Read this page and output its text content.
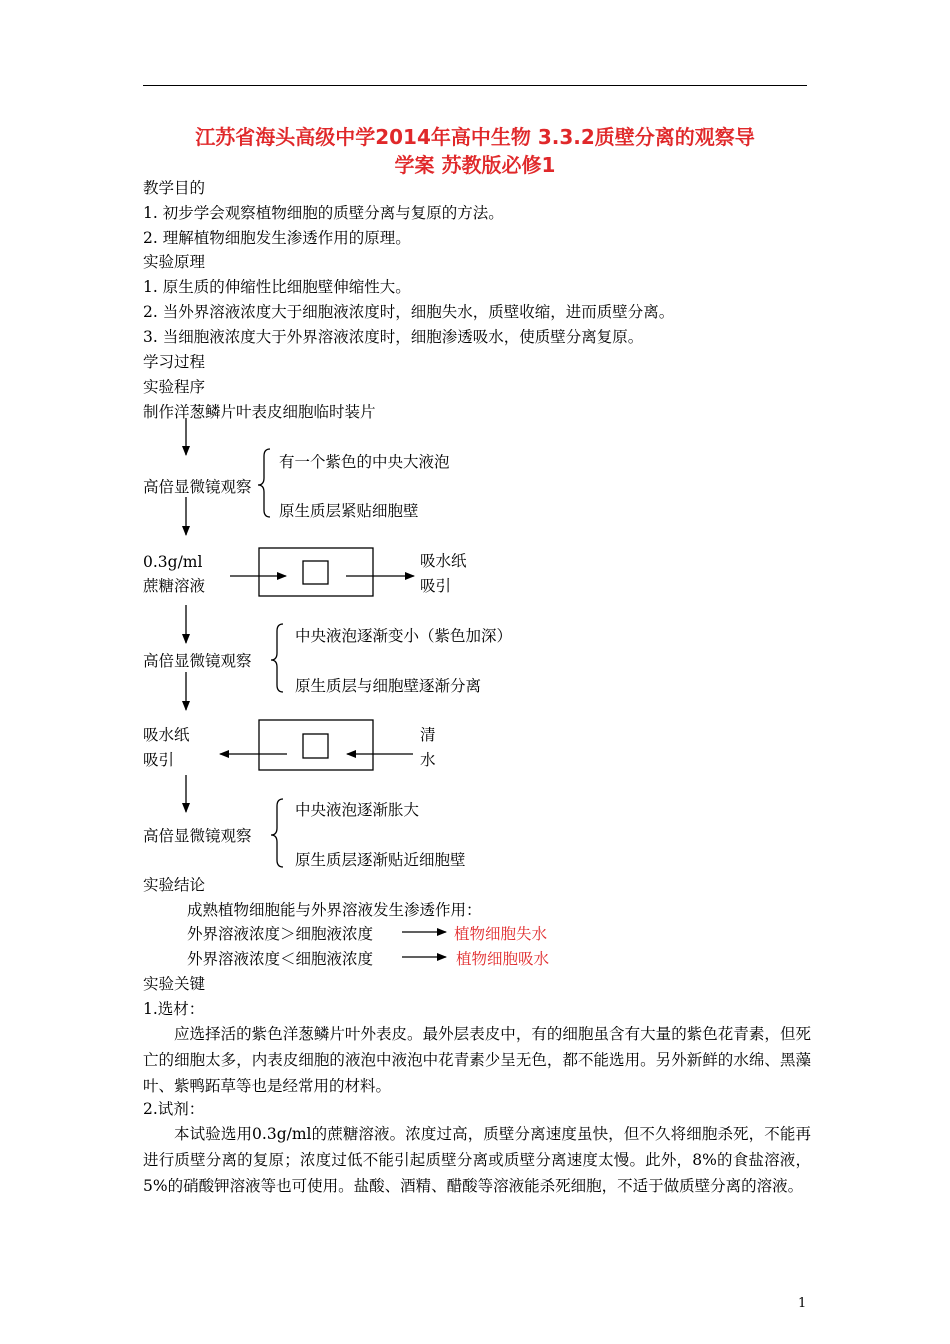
江苏省海头高级中学2014年高中生物 3.3.2质壁分离的观察导
学案 苏教版必修1
教学目的
1. 初步学会观察植物细胞的质壁分离与复原的方法。
2. 理解植物细胞发生渗透作用的原理。
实验原理
1. 原生质的伸缩性比细胞壁伸缩性大。
2. 当外界溶液浓度大于细胞液浓度时，细胞失水，质壁收缩，进而质壁分离。
3. 当细胞液浓度大于外界溶液浓度时，细胞渗透吸水，使质壁分离复原。
学习过程
实验程序
制作洋葱鳞片叶表皮细胞临时装片
高倍显微镜观察
有一个紫色的中央大液泡
原生质层紧贴细胞壁
0.3g/ml
蔗糖溶液
吸水纸
吸引
高倍显微镜观察
中央液泡逐渐变小（紫色加深）
原生质层与细胞壁逐渐分离
吸水纸
吸引
清
水
高倍显微镜观察
中央液泡逐渐胀大
原生质层逐渐贴近细胞壁
实验结论
成熟植物细胞能与外界溶液发生渗透作用：
外界溶液浓度＞细胞液浓度	植物细胞失水
外界溶液浓度＜细胞液浓度	植物细胞吸水
实验关键
1.选材：
应选择活的紫色洋葱鳞片叶外表皮。最外层表皮中，有的细胞虽含有大量的紫色花青素，但死亡的细胞太多，内表皮细胞的液泡中液泡中花青素少呈无色，都不能选用。另外新鲜的水绵、黑藻叶、紫鸭跖草等也是经常用的材料。
2.试剂：
本试验选用0.3g/ml的蔗糖溶液。浓度过高，质壁分离速度虽快，但不久将细胞杀死，不能再进行质壁分离的复原；浓度过低不能引起质壁分离或质壁分离速度太慢。此外，8%的食盐溶液，5%的硝酸钾溶液等也可使用。盐酸、酒精、醋酸等溶液能杀死细胞，不适于做质壁分离的溶液。
1
